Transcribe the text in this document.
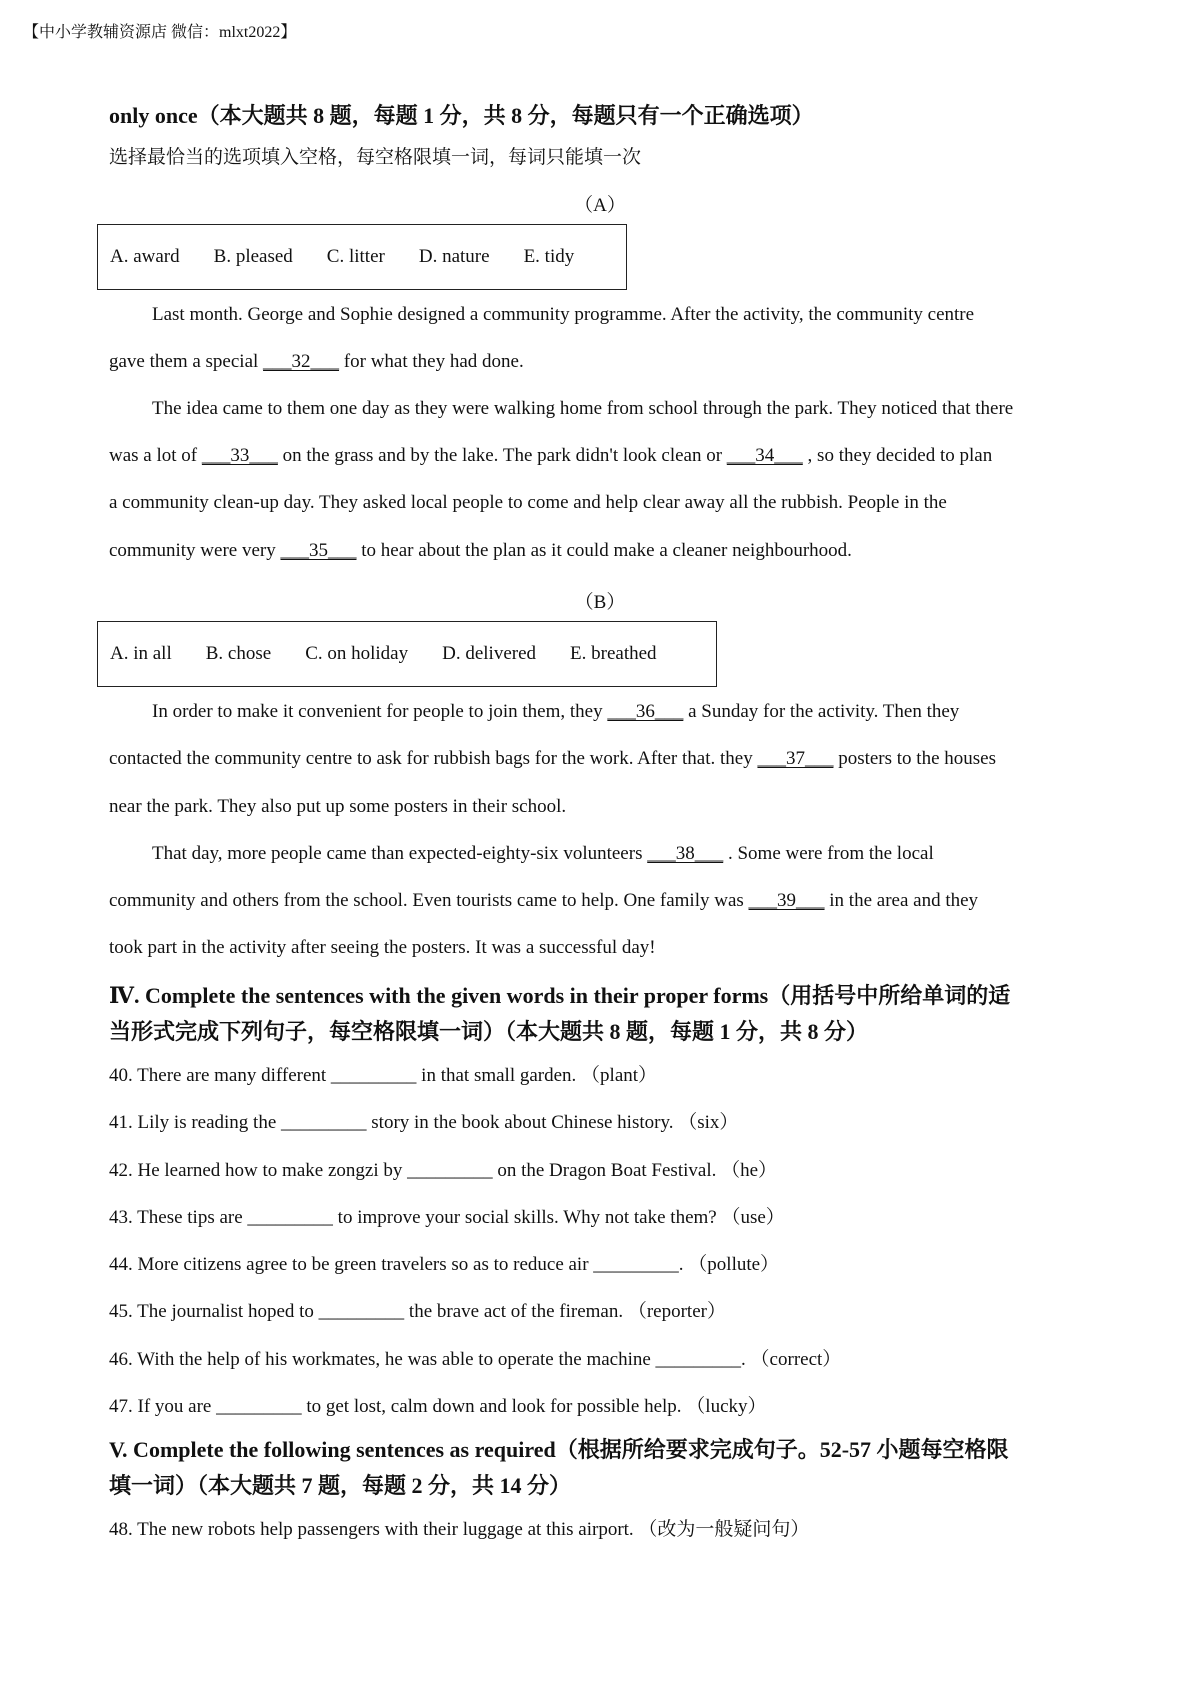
【中小学教辅资源店 微信：mlxt2022】
only once（本大题共 8 题，每题 1 分，共 8 分，每题只有一个正确选项）
选择最恰当的选项填入空格，每空格限填一词，每词只能填一次
（A）
A. award B. pleased C. litter D. nature E. tidy
Last month. George and Sophie designed a community programme. After the activity, the community centre
gave them a special ___32___ for what they had done.
The idea came to them one day as they were walking home from school through the park. They noticed that there
was a lot of ___33___ on the grass and by the lake. The park didn't look clean or ___34___ , so they decided to plan
a community clean-up day. They asked local people to come and help clear away all the rubbish. People in the
community were very ___35___ to hear about the plan as it could make a cleaner neighbourhood.
（B）
A. in all B. chose C. on holiday D. delivered E. breathed
In order to make it convenient for people to join them, they ___36___ a Sunday for the activity. Then they
contacted the community centre to ask for rubbish bags for the work. After that. they ___37___ posters to the houses
near the park. They also put up some posters in their school.
That day, more people came than expected-eighty-six volunteers ___38___ . Some were from the local
community and others from the school. Even tourists came to help. One family was ___39___ in the area and they
took part in the activity after seeing the posters. It was a successful day!
Ⅳ. Complete the sentences with the given words in their proper forms（用括号中所给单词的适
当形式完成下列句子，每空格限填一词）（本大题共 8 题，每题 1 分，共 8 分）
40. There are many different _________ in that small garden. （plant）
41. Lily is reading the _________ story in the book about Chinese history. （six）
42. He learned how to make zongzi by _________ on the Dragon Boat Festival. （he）
43. These tips are _________ to improve your social skills. Why not take them? （use）
44. More citizens agree to be green travelers so as to reduce air _________. （pollute）
45. The journalist hoped to _________ the brave act of the fireman. （reporter）
46. With the help of his workmates, he was able to operate the machine _________. （correct）
47. If you are _________ to get lost, calm down and look for possible help. （lucky）
V. Complete the following sentences as required（根据所给要求完成句子。52-57 小题每空格限
填一词）（本大题共 7 题，每题 2 分，共 14 分）
48. The new robots help passengers with their luggage at this airport. （改为一般疑问句）
